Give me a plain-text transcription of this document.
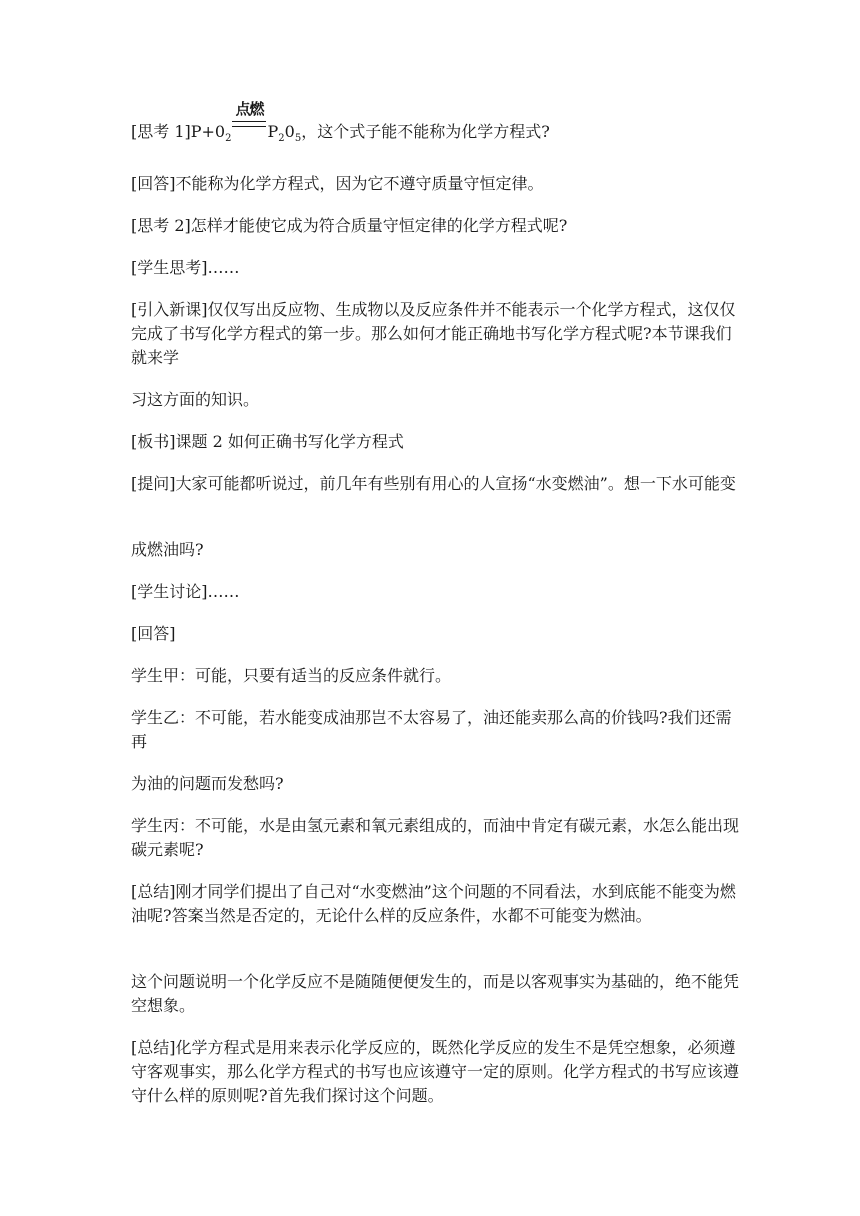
[思考 $1]P+0_2$
点燃
$P_20_5$，这个式子能不能称为化学方程式?

[回答]不能称为化学方程式，因为它不遵守质量守恒定律。

[思考 2]怎样才能使它成为符合质量守恒定律的化学方程式呢?

[学生思考]……

[引入新课]仅仅写出反应物、生成物以及反应条件并不能表示一个化学方程式，这仅仅完成了书写化学方程式的第一步。那么如何才能正确地书写化学方程式呢?本节课我们就来学

习这方面的知识。

[板书]课题 2 如何正确书写化学方程式

[提问]大家可能都听说过，前几年有些别有用心的人宣扬“水变燃油”。想一下水可能变

成燃油吗?

[学生讨论]……

[回答]

学生甲：可能，只要有适当的反应条件就行。

学生乙：不可能，若水能变成油那岂不太容易了，油还能卖那么高的价钱吗?我们还需再

为油的问题而发愁吗?

学生丙：不可能，水是由氢元素和氧元素组成的，而油中肯定有碳元素，水怎么能出现碳元素呢?

[总结]刚才同学们提出了自己对“水变燃油”这个问题的不同看法，水到底能不能变为燃油呢?答案当然是否定的，无论什么样的反应条件，水都不可能变为燃油。

这个问题说明一个化学反应不是随随便便发生的，而是以客观事实为基础的，绝不能凭空想象。

[总结]化学方程式是用来表示化学反应的，既然化学反应的发生不是凭空想象，必须遵守客观事实，那么化学方程式的书写也应该遵守一定的原则。化学方程式的书写应该遵守什么样的原则呢?首先我们探讨这个问题。
